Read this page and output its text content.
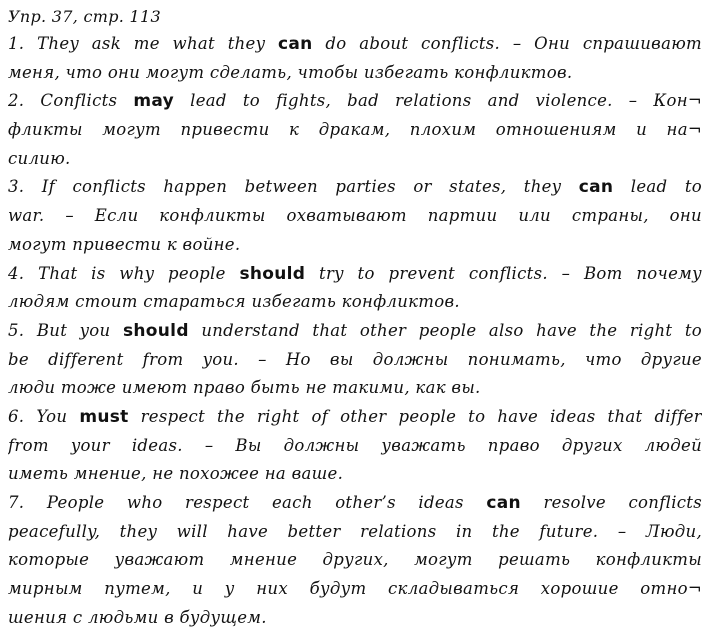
Упр. 37, стр. 113
1. They ask me what they can do about conflicts. – Они спрашивают
меня, что они могут сделать, чтобы избегать конфликтов.
2. Conflicts may lead to fights, bad relations and violence. – Кон¬
фликты могут привести к дракам, плохим отношениям и на¬
силию.
3. If conflicts happen between parties or states, they can lead to
war. – Если конфликты охватывают партии или страны, они
могут привести к войне.
4. That is why people should try to prevent conflicts. – Вот почему
людям стоит стараться избегать конфликтов.
5. But you should understand that other people also have the right to
be different from you. – Но вы должны понимать, что другие
люди тоже имеют право быть не такими, как вы.
6. You must respect the right of other people to have ideas that differ
from your ideas. – Вы должны уважать право других людей
иметь мнение, не похожее на ваше.
7. People who respect each other’s ideas can resolve conflicts
peacefully, they will have better relations in the future. – Люди,
которые уважают мнение других, могут решать конфликты
мирным путем, и у них будут складываться хорошие отно¬
шения с людьми в будущем.
